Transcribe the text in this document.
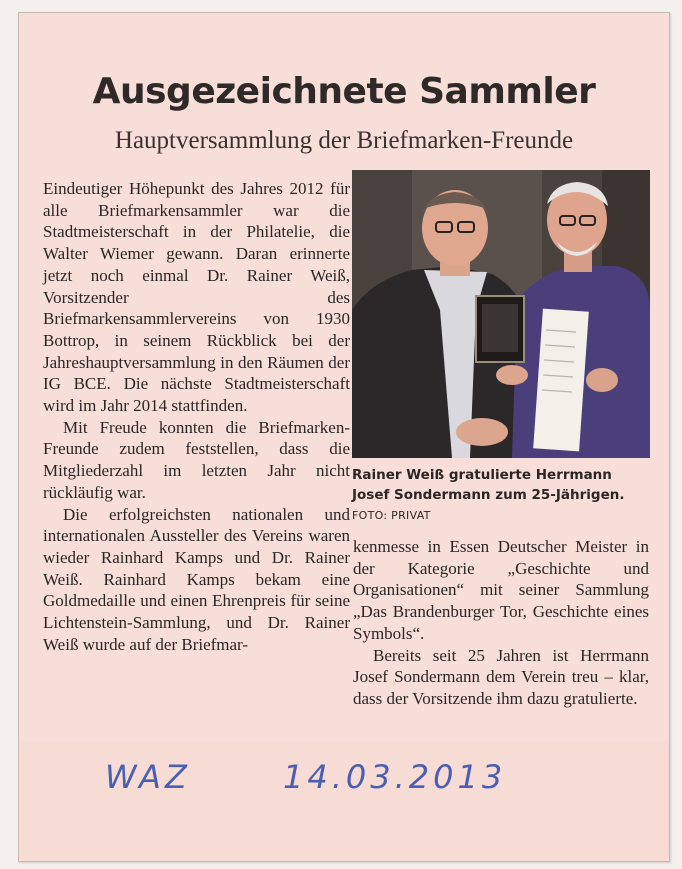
Ausgezeichnete Sammler
Hauptversammlung der Briefmarken-Freunde

Eindeutiger Höhepunkt des Jahres 2012 für alle Briefmarkensammler war die Stadtmeisterschaft in der Philatelie, die Walter Wiemer gewann. Daran erinnerte jetzt noch einmal Dr. Rainer Weiß, Vorsitzender des Briefmarkensammlervereins von 1930 Bottrop, in seinem Rückblick bei der Jahreshauptversammlung in den Räumen der IG BCE. Die nächste Stadtmeisterschaft wird im Jahr 2014 stattfinden.

Mit Freude konnten die Briefmarken-Freunde zudem feststellen, dass die Mitgliederzahl im letzten Jahr nicht rückläufig war.

Die erfolgreichsten nationalen und internationalen Aussteller des Vereins waren wieder Rainhard Kamps und Dr. Rainer Weiß. Rainhard Kamps bekam eine Goldmedaille und einen Ehrenpreis für seine Lichtenstein-Sammlung, und Dr. Rainer Weiß wurde auf der Briefmar-

Rainer Weiß gratulierte Herrmann Josef Sondermann zum 25-Jährigen. FOTO: PRIVAT

kenmesse in Essen Deutscher Meister in der Kategorie „Geschichte und Organisationen“ mit seiner Sammlung „Das Brandenburger Tor, Geschichte eines Symbols“.

Bereits seit 25 Jahren ist Herrmann Josef Sondermann dem Verein treu – klar, dass der Vorsitzende ihm dazu gratulierte.

WAZ	14.03.2013
